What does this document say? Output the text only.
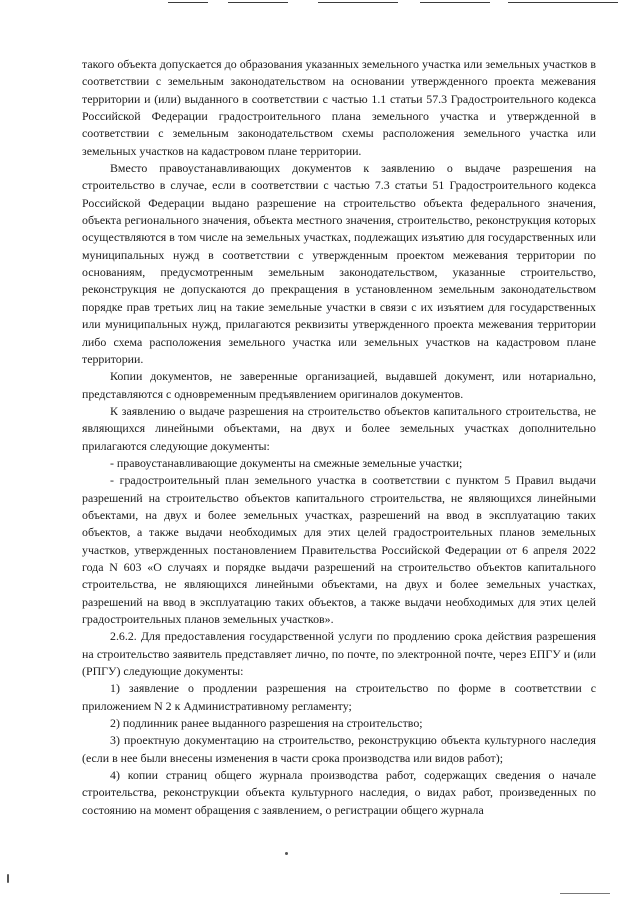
такого объекта допускается до образования указанных земельного участка или земельных участков в соответствии с земельным законодательством на основании утвержденного проекта межевания территории и (или) выданного в соответствии с частью 1.1 статьи 57.3 Градостроительного кодекса Российской Федерации градостроительного плана земельного участка и утвержденной в соответствии с земельным законодательством схемы расположения земельного участка или земельных участков на кадастровом плане территории.

Вместо правоустанавливающих документов к заявлению о выдаче разрешения на строительство в случае, если в соответствии с частью 7.3 статьи 51 Градостроительного кодекса Российской Федерации выдано разрешение на строительство объекта федерального значения, объекта регионального значения, объекта местного значения, строительство, реконструкция которых осуществляются в том числе на земельных участках, подлежащих изъятию для государственных или муниципальных нужд в соответствии с утвержденным проектом межевания территории по основаниям, предусмотренным земельным законодательством, указанные строительство, реконструкция не допускаются до прекращения в установленном земельным законодательством порядке прав третьих лиц на такие земельные участки в связи с их изъятием для государственных или муниципальных нужд, прилагаются реквизиты утвержденного проекта межевания территории либо схема расположения земельного участка или земельных участков на кадастровом плане территории.

Копии документов, не заверенные организацией, выдавшей документ, или нотариально, представляются с одновременным предъявлением оригиналов документов.

К заявлению о выдаче разрешения на строительство объектов капитального строительства, не являющихся линейными объектами, на двух и более земельных участках дополнительно прилагаются следующие документы:

- правоустанавливающие документы на смежные земельные участки;

- градостроительный план земельного участка в соответствии с пунктом 5 Правил выдачи разрешений на строительство объектов капитального строительства, не являющихся линейными объектами, на двух и более земельных участках, разрешений на ввод в эксплуатацию таких объектов, а также выдачи необходимых для этих целей градостроительных планов земельных участков, утвержденных постановлением Правительства Российской Федерации от 6 апреля 2022 года N 603 «О случаях и порядке выдачи разрешений на строительство объектов капитального строительства, не являющихся линейными объектами, на двух и более земельных участках, разрешений на ввод в эксплуатацию таких объектов, а также выдачи необходимых для этих целей градостроительных планов земельных участков».

2.6.2. Для предоставления государственной услуги по продлению срока действия разрешения на строительство заявитель представляет лично, по почте, по электронной почте, через ЕПГУ и (или (РПГУ) следующие документы:

1) заявление о продлении разрешения на строительство по форме в соответствии с приложением N 2 к Административному регламенту;

2) подлинник ранее выданного разрешения на строительство;

3) проектную документацию на строительство, реконструкцию объекта культурного наследия (если в нее были внесены изменения в части срока производства или видов работ);

4) копии страниц общего журнала производства работ, содержащих сведения о начале строительства, реконструкции объекта культурного наследия, о видах работ, произведенных по состоянию на момент обращения с заявлением, о регистрации общего журнала
